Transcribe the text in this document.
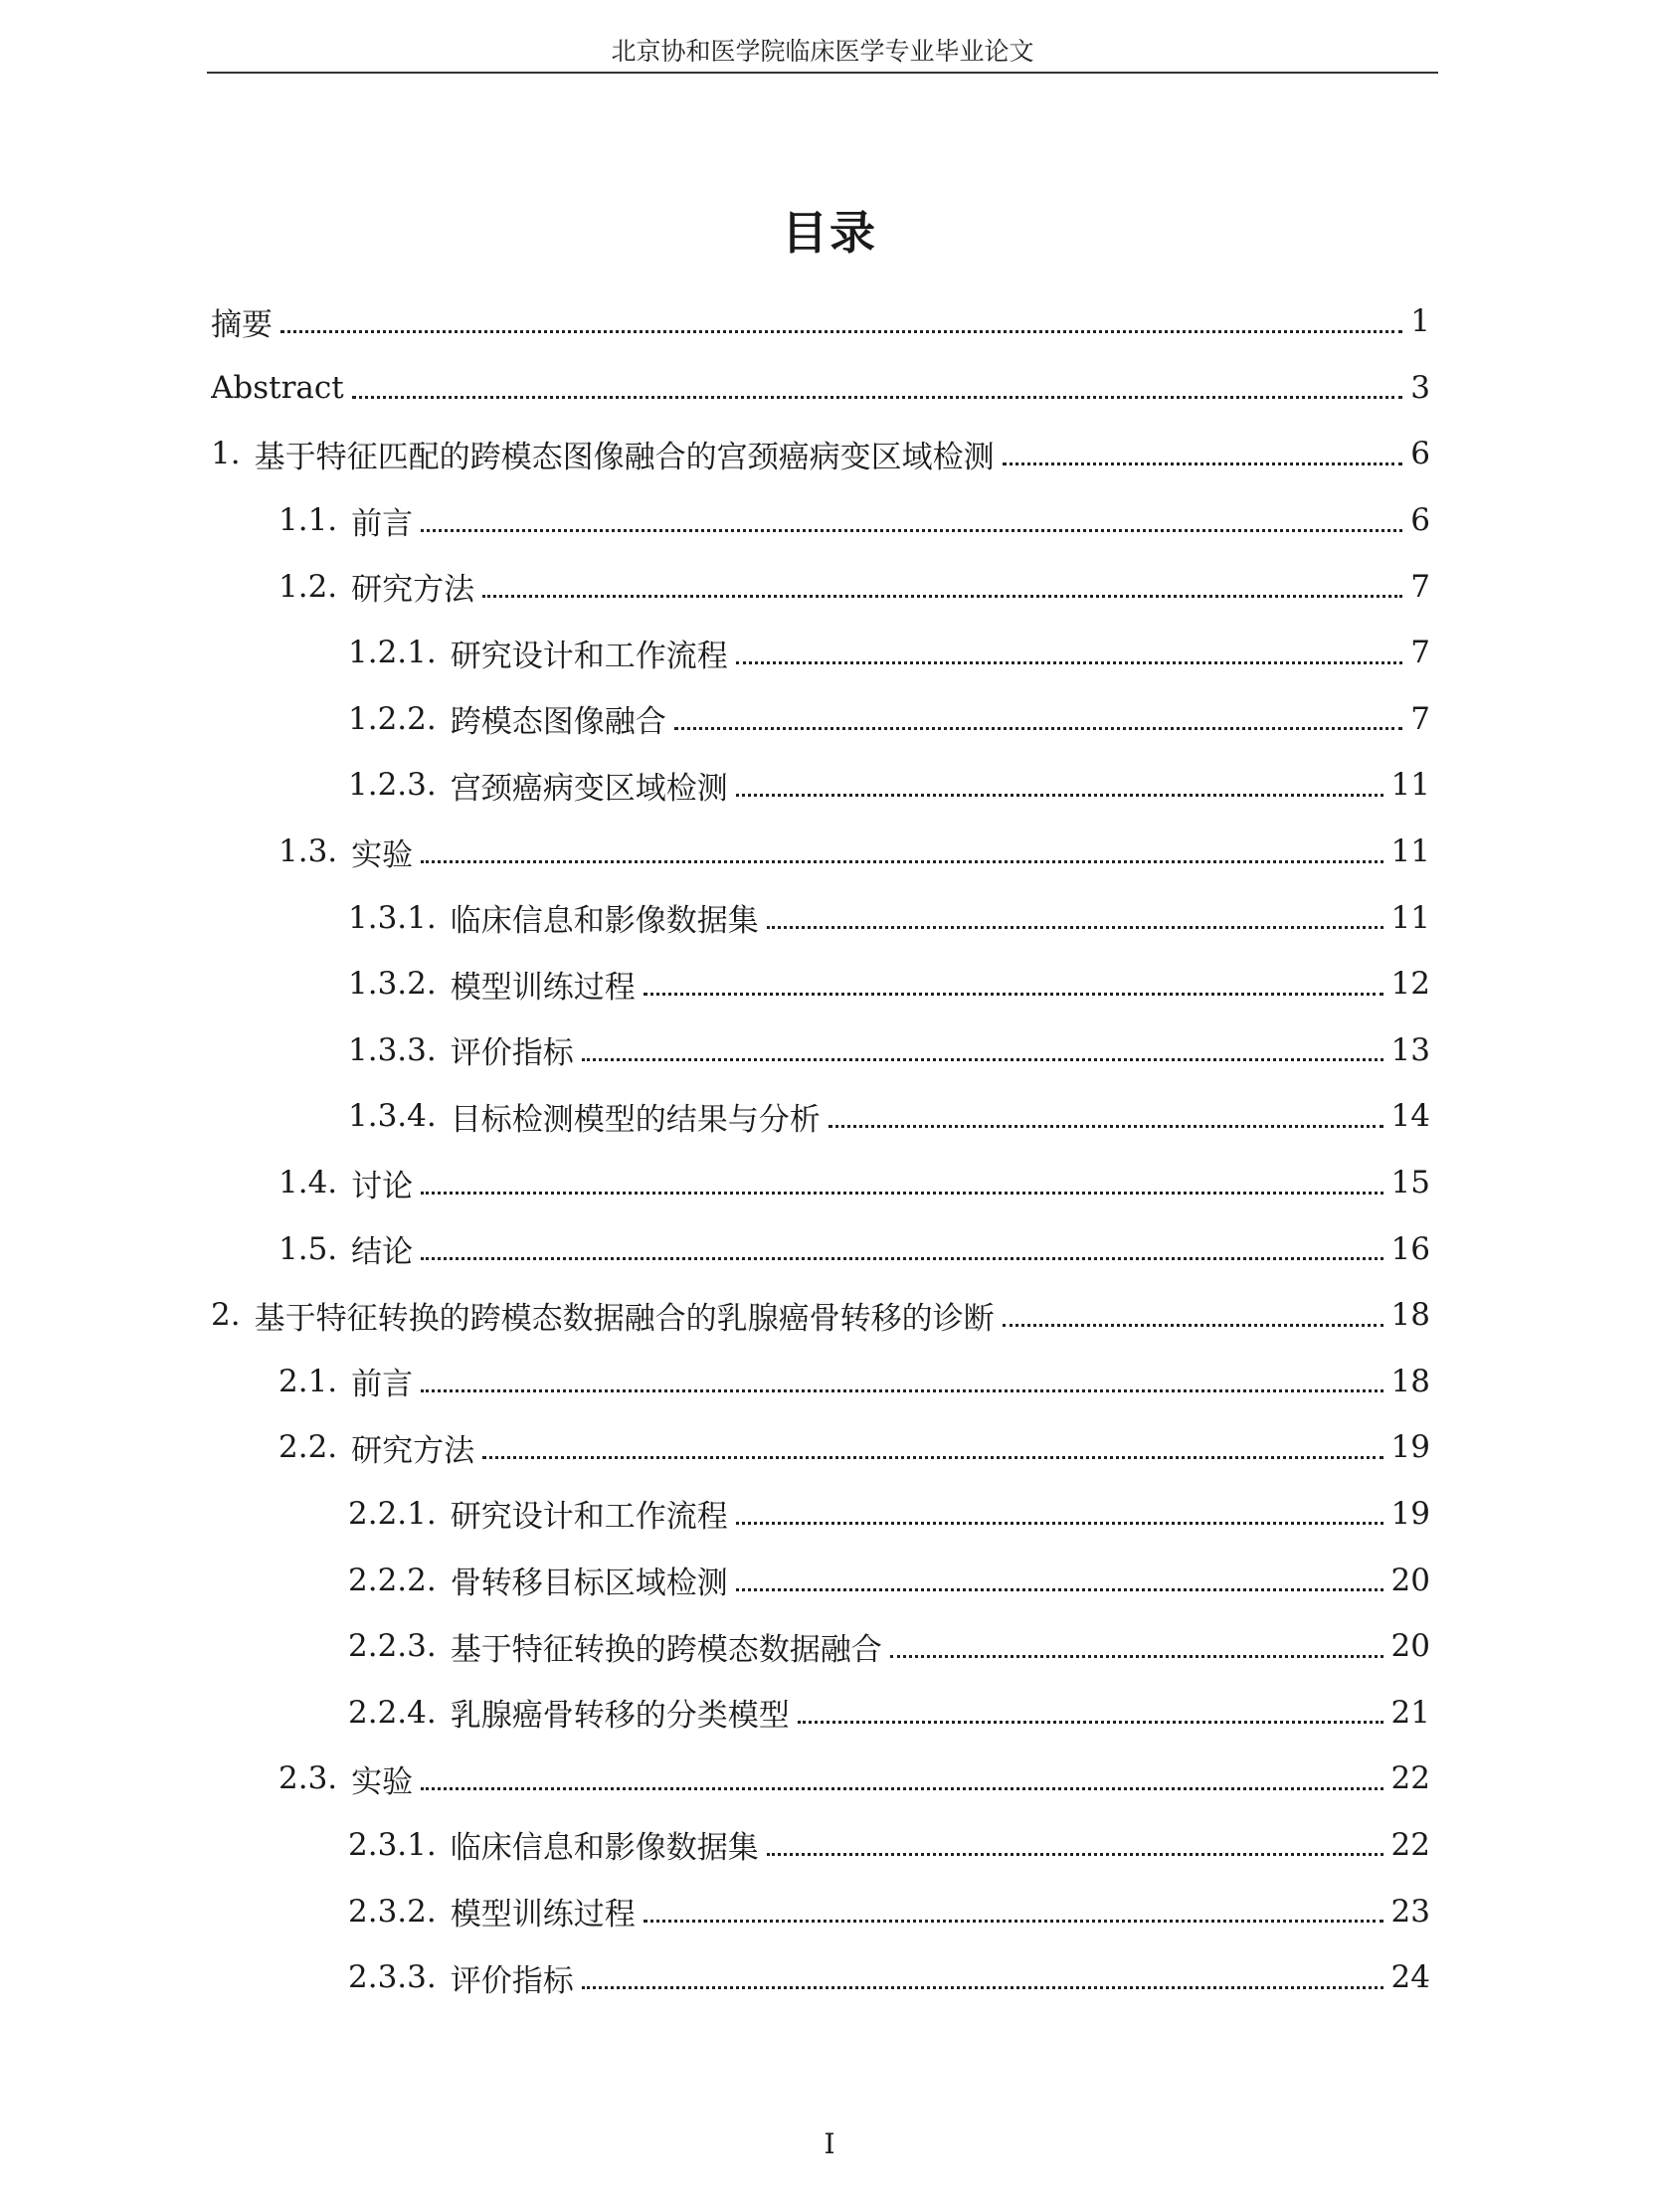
北京协和医学院临床医学专业毕业论文
目录
摘要	1
Abstract	3
1. 基于特征匹配的跨模态图像融合的宫颈癌病变区域检测	6
1.1. 前言	6
1.2. 研究方法	7
1.2.1. 研究设计和工作流程	7
1.2.2. 跨模态图像融合	7
1.2.3. 宫颈癌病变区域检测	11
1.3. 实验	11
1.3.1. 临床信息和影像数据集	11
1.3.2. 模型训练过程	12
1.3.3. 评价指标	13
1.3.4. 目标检测模型的结果与分析	14
1.4. 讨论	15
1.5. 结论	16
2. 基于特征转换的跨模态数据融合的乳腺癌骨转移的诊断	18
2.1. 前言	18
2.2. 研究方法	19
2.2.1. 研究设计和工作流程	19
2.2.2. 骨转移目标区域检测	20
2.2.3. 基于特征转换的跨模态数据融合	20
2.2.4. 乳腺癌骨转移的分类模型	21
2.3. 实验	22
2.3.1. 临床信息和影像数据集	22
2.3.2. 模型训练过程	23
2.3.3. 评价指标	24
I
